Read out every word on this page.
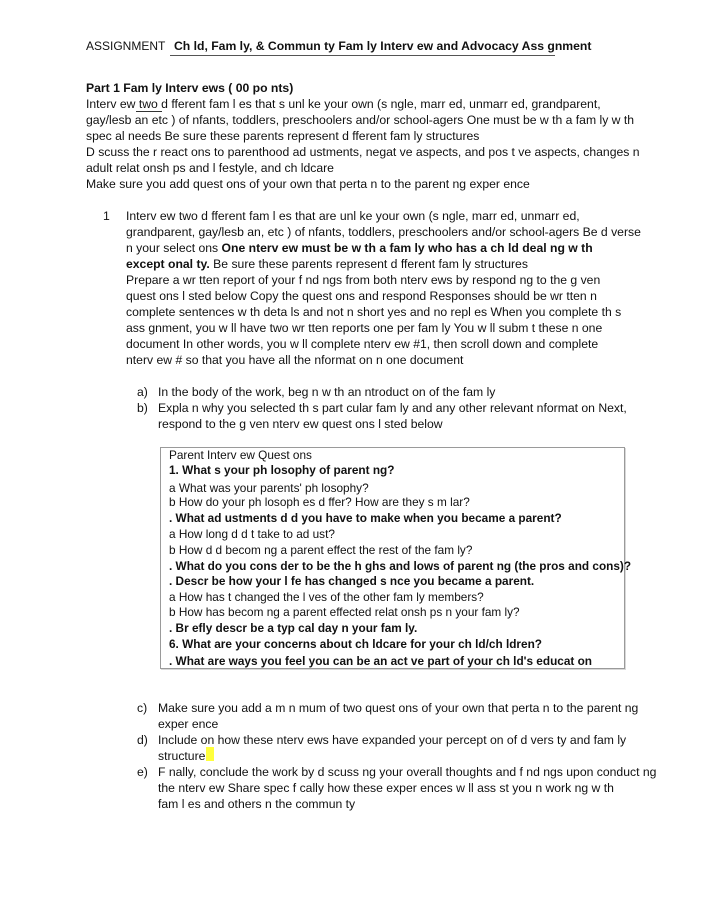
ASSIGNMENT Ch ld, Fam ly, & Commun ty Fam ly Interv ew and Advocacy Ass gnment
Part 1 Fam ly Interv ews ( 00 po nts)
Interv ew two d fferent fam l es that s unl ke your own (s ngle, marr ed, unmarr ed, grandparent,
gay/lesb an etc ) of nfants, toddlers, preschoolers and/or school-agers One must be w th a fam ly w th
spec al needs Be sure these parents represent d fferent fam ly structures
D scuss the r react ons to parenthood ad ustments, negat ve aspects, and pos t ve aspects, changes n
adult relat onsh ps and l festyle, and ch ldcare
Make sure you add quest ons of your own that perta n to the parent ng exper ence
1 Interv ew two d fferent fam l es that are unl ke your own (s ngle, marr ed, unmarr ed,
grandparent, gay/lesb an, etc ) of nfants, toddlers, preschoolers and/or school-agers Be d verse
n your select ons One nterv ew must be w th a fam ly who has a ch ld deal ng w th
except onal ty. Be sure these parents represent d fferent fam ly structures
Prepare a wr tten report of your f nd ngs from both nterv ews by respond ng to the g ven
quest ons l sted below Copy the quest ons and respond Responses should be wr tten n
complete sentences w th deta ls and not n short yes and no repl es When you complete th s
ass gnment, you w ll have two wr tten reports one per fam ly You w ll subm t these n one
document In other words, you w ll complete nterv ew #1, then scroll down and complete
nterv ew # so that you have all the nformat on n one document
a) In the body of the work, beg n w th an ntroduct on of the fam ly
b) Expla n why you selected th s part cular fam ly and any other relevant nformat on Next,
respond to the g ven nterv ew quest ons l sted below
Parent Interv ew Quest ons
1. What s your ph losophy of parent ng?
a What was your parents' ph losophy?
b How do your ph losoph es d ffer? How are they s m lar?
. What ad ustments d d you have to make when you became a parent?
a How long d d t take to ad ust?
b How d d becom ng a parent effect the rest of the fam ly?
. What do you cons der to be the h ghs and lows of parent ng (the pros and cons)?
. Descr be how your l fe has changed s nce you became a parent.
a How has t changed the l ves of the other fam ly members?
b How has becom ng a parent effected relat onsh ps n your fam ly?
. Br efly descr be a typ cal day n your fam ly.
6. What are your concerns about ch ldcare for your ch ld/ch ldren?
. What are ways you feel you can be an act ve part of your ch ld's educat on
c) Make sure you add a m n mum of two quest ons of your own that perta n to the parent ng
exper ence
d) Include on how these nterv ews have expanded your percept on of d vers ty and fam ly
structure
e) F nally, conclude the work by d scuss ng your overall thoughts and f nd ngs upon conduct ng
the nterv ew Share spec f cally how these exper ences w ll ass st you n work ng w th
fam l es and others n the commun ty
